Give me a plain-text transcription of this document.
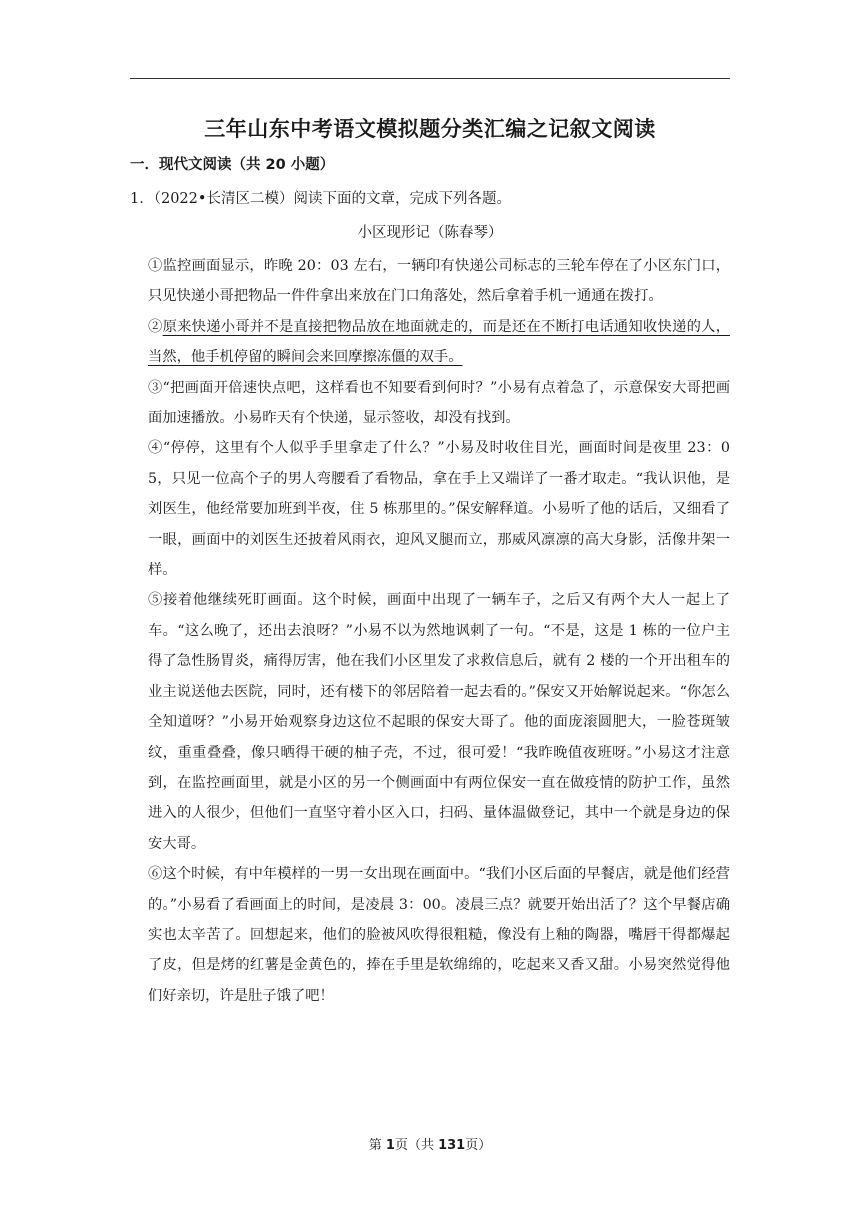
三年山东中考语文模拟题分类汇编之记叙文阅读
一．现代文阅读（共 20 小题）

1．（2022•长清区二模）阅读下面的文章，完成下列各题。

小区现形记（陈春琴）

①监控画面显示，昨晚 20：03 左右，一辆印有快递公司标志的三轮车停在了小区东门口，只见快递小哥把物品一件件拿出来放在门口角落处，然后拿着手机一通通在拨打。

②原来快递小哥并不是直接把物品放在地面就走的，而是还在不断打电话通知收快递的人，当然，他手机停留的瞬间会来回摩擦冻僵的双手。

③“把画面开倍速快点吧，这样看也不知要看到何时？”小易有点着急了，示意保安大哥把画面加速播放。小易昨天有个快递，显示签收，却没有找到。

④“停停，这里有个人似乎手里拿走了什么？”小易及时收住目光，画面时间是夜里 23：05，只见一位高个子的男人弯腰看了看物品，拿在手上又端详了一番才取走。“我认识他，是刘医生，他经常要加班到半夜，住 5 栋那里的。”保安解释道。小易听了他的话后，又细看了一眼，画面中的刘医生还披着风雨衣，迎风叉腿而立，那威风凛凛的高大身影，活像井架一样。

⑤接着他继续死盯画面。这个时候，画面中出现了一辆车子，之后又有两个大人一起上了车。“这么晚了，还出去浪呀？”小易不以为然地讽刺了一句。“不是，这是 1 栋的一位户主得了急性肠胃炎，痛得厉害，他在我们小区里发了求救信息后，就有 2 楼的一个开出租车的业主说送他去医院，同时，还有楼下的邻居陪着一起去看的。”保安又开始解说起来。“你怎么全知道呀？”小易开始观察身边这位不起眼的保安大哥了。他的面庞滚圆肥大，一脸苍斑皱纹，重重叠叠，像只晒得干硬的柚子壳，不过，很可爱！“我昨晚值夜班呀。”小易这才注意到，在监控画面里，就是小区的另一个侧画面中有两位保安一直在做疫情的防护工作，虽然进入的人很少，但他们一直坚守着小区入口，扫码、量体温做登记，其中一个就是身边的保安大哥。

⑥这个时候，有中年模样的一男一女出现在画面中。“我们小区后面的早餐店，就是他们经营的。”小易看了看画面上的时间，是凌晨 3：00。凌晨三点？就要开始出活了？这个早餐店确实也太辛苦了。回想起来，他们的脸被风吹得很粗糙，像没有上釉的陶器，嘴唇干得都爆起了皮，但是烤的红薯是金黄色的，捧在手里是软绵绵的，吃起来又香又甜。小易突然觉得他们好亲切，许是肚子饿了吧！

第 1页（共 131页）
